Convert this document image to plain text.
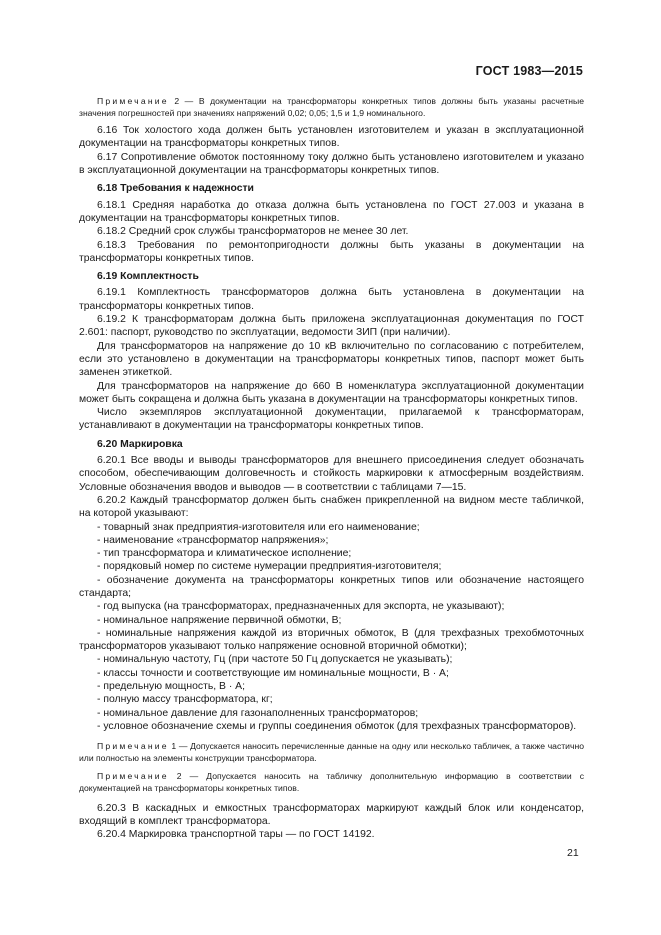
ГОСТ 1983—2015

Примечание 2 — В документации на трансформаторы конкретных типов должны быть указаны расчетные значения погрешностей при значениях напряжений 0,02; 0,05; 1,5 и 1,9 номинального.

6.16 Ток холостого хода должен быть установлен изготовителем и указан в эксплуатационной документации на трансформаторы конкретных типов.

6.17 Сопротивление обмоток постоянному току должно быть установлено изготовителем и указано в эксплуатационной документации на трансформаторы конкретных типов.

6.18 Требования к надежности

6.18.1 Средняя наработка до отказа должна быть установлена по ГОСТ 27.003 и указана в документации на трансформаторы конкретных типов.

6.18.2 Средний срок службы трансформаторов не менее 30 лет.

6.18.3 Требования по ремонтопригодности должны быть указаны в документации на трансформаторы конкретных типов.

6.19 Комплектность

6.19.1 Комплектность трансформаторов должна быть установлена в документации на трансформаторы конкретных типов.

6.19.2 К трансформаторам должна быть приложена эксплуатационная документация по ГОСТ 2.601: паспорт, руководство по эксплуатации, ведомости ЗИП (при наличии).

Для трансформаторов на напряжение до 10 кВ включительно по согласованию с потребителем, если это установлено в документации на трансформаторы конкретных типов, паспорт может быть заменен этикеткой.

Для трансформаторов на напряжение до 660 В номенклатура эксплуатационной документации может быть сокращена и должна быть указана в документации на трансформаторы конкретных типов.

Число экземпляров эксплуатационной документации, прилагаемой к трансформаторам, устанавливают в документации на трансформаторы конкретных типов.

6.20 Маркировка

6.20.1 Все вводы и выводы трансформаторов для внешнего присоединения следует обозначать способом, обеспечивающим долговечность и стойкость маркировки к атмосферным воздействиям. Условные обозначения вводов и выводов — в соответствии с таблицами 7—15.

6.20.2 Каждый трансформатор должен быть снабжен прикрепленной на видном месте табличкой, на которой указывают:

- товарный знак предприятия-изготовителя или его наименование;

- наименование «трансформатор напряжения»;

- тип трансформатора и климатическое исполнение;

- порядковый номер по системе нумерации предприятия-изготовителя;

- обозначение документа на трансформаторы конкретных типов или обозначение настоящего стандарта;

- год выпуска (на трансформаторах, предназначенных для экспорта, не указывают);

- номинальное напряжение первичной обмотки, В;

- номинальные напряжения каждой из вторичных обмоток, В (для трехфазных трехобмоточных трансформаторов указывают только напряжение основной вторичной обмотки);

- номинальную частоту, Гц (при частоте 50 Гц допускается не указывать);

- классы точности и соответствующие им номинальные мощности, В · А;

- предельную мощность, В · А;

- полную массу трансформатора, кг;

- номинальное давление для газонаполненных трансформаторов;

- условное обозначение схемы и группы соединения обмоток (для трехфазных трансформаторов).

Примечание 1 — Допускается наносить перечисленные данные на одну или несколько табличек, а также частично или полностью на элементы конструкции трансформатора.

Примечание 2 — Допускается наносить на табличку дополнительную информацию в соответствии с документацией на трансформаторы конкретных типов.

6.20.3 В каскадных и емкостных трансформаторах маркируют каждый блок или конденсатор, входящий в комплект трансформатора.

6.20.4 Маркировка транспортной тары — по ГОСТ 14192.

21
